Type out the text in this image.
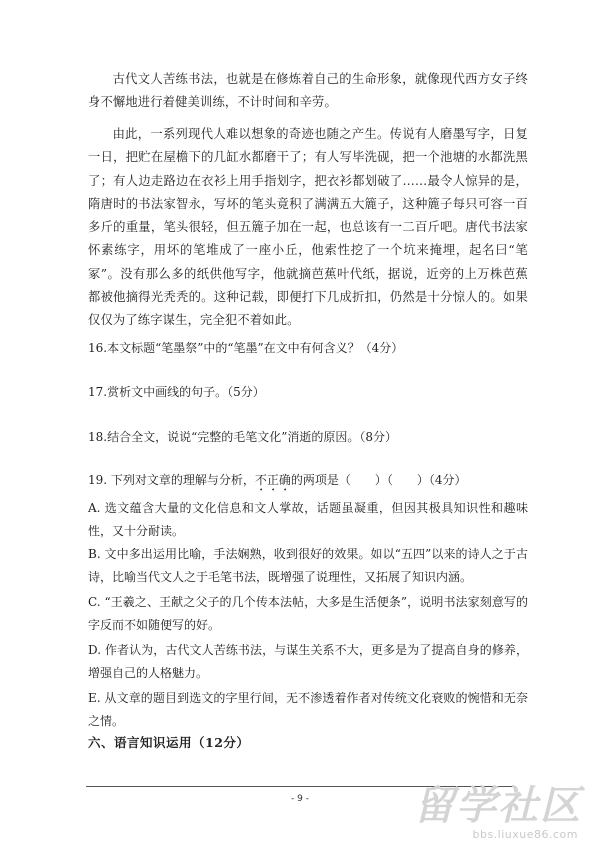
古代文人苦练书法，也就是在修炼着自己的生命形象，就像现代西方女子终身不懈地进行着健美训练，不计时间和辛劳。

由此，一系列现代人难以想象的奇迹也随之产生。传说有人磨墨写字，日复一日，把贮在屋檐下的几缸水都磨干了；有人写毕洗砚，把一个池塘的水都洗黑了；有人边走路边在衣衫上用手指划字，把衣衫都划破了……最令人惊异的是，隋唐时的书法家智永，写坏的笔头竟积了满满五大簏子，这种簏子每只可容一百多斤的重量，笔头很轻，但五簏子加在一起，也总该有一二百斤吧。唐代书法家怀素练字，用坏的笔堆成了一座小丘，他索性挖了一个坑来掩埋，起名曰“笔冢”。没有那么多的纸供他写字，他就摘芭蕉叶代纸，据说，近旁的上万株芭蕉都被他摘得光秃秃的。这种记载，即便打下几成折扣，仍然是十分惊人的。如果仅仅为了练字谋生，完全犯不着如此。

16.本文标题“笔墨祭”中的“笔墨”在文中有何含义？（4分）

17.赏析文中画线的句子。（5分）

18.结合全文，说说“完整的毛笔文化”消逝的原因。（8分）

19. 下列对文章的理解与分析，不正确的两项是（　　）（　　）（4分）

A. 选文蕴含大量的文化信息和文人掌故，话题虽凝重，但因其极具知识性和趣味性，又十分耐读。

B. 文中多出运用比喻，手法娴熟，收到很好的效果。如以“五四”以来的诗人之于古诗，比喻当代文人之于毛笔书法，既增强了说理性，又拓展了知识内涵。

C. “王羲之、王献之父子的几个传本法帖，大多是生活便条”，说明书法家刻意写的字反而不如随便写的好。

D. 作者认为，古代文人苦练书法，与谋生关系不大，更多是为了提高自身的修养，增强自己的人格魅力。

E. 从文章的题目到选文的字里行间，无不渗透着作者对传统文化衰败的惋惜和无奈之情。

六、语言知识运用（12分）

- 9 -	留学社区
bbs.liuxue86.com
